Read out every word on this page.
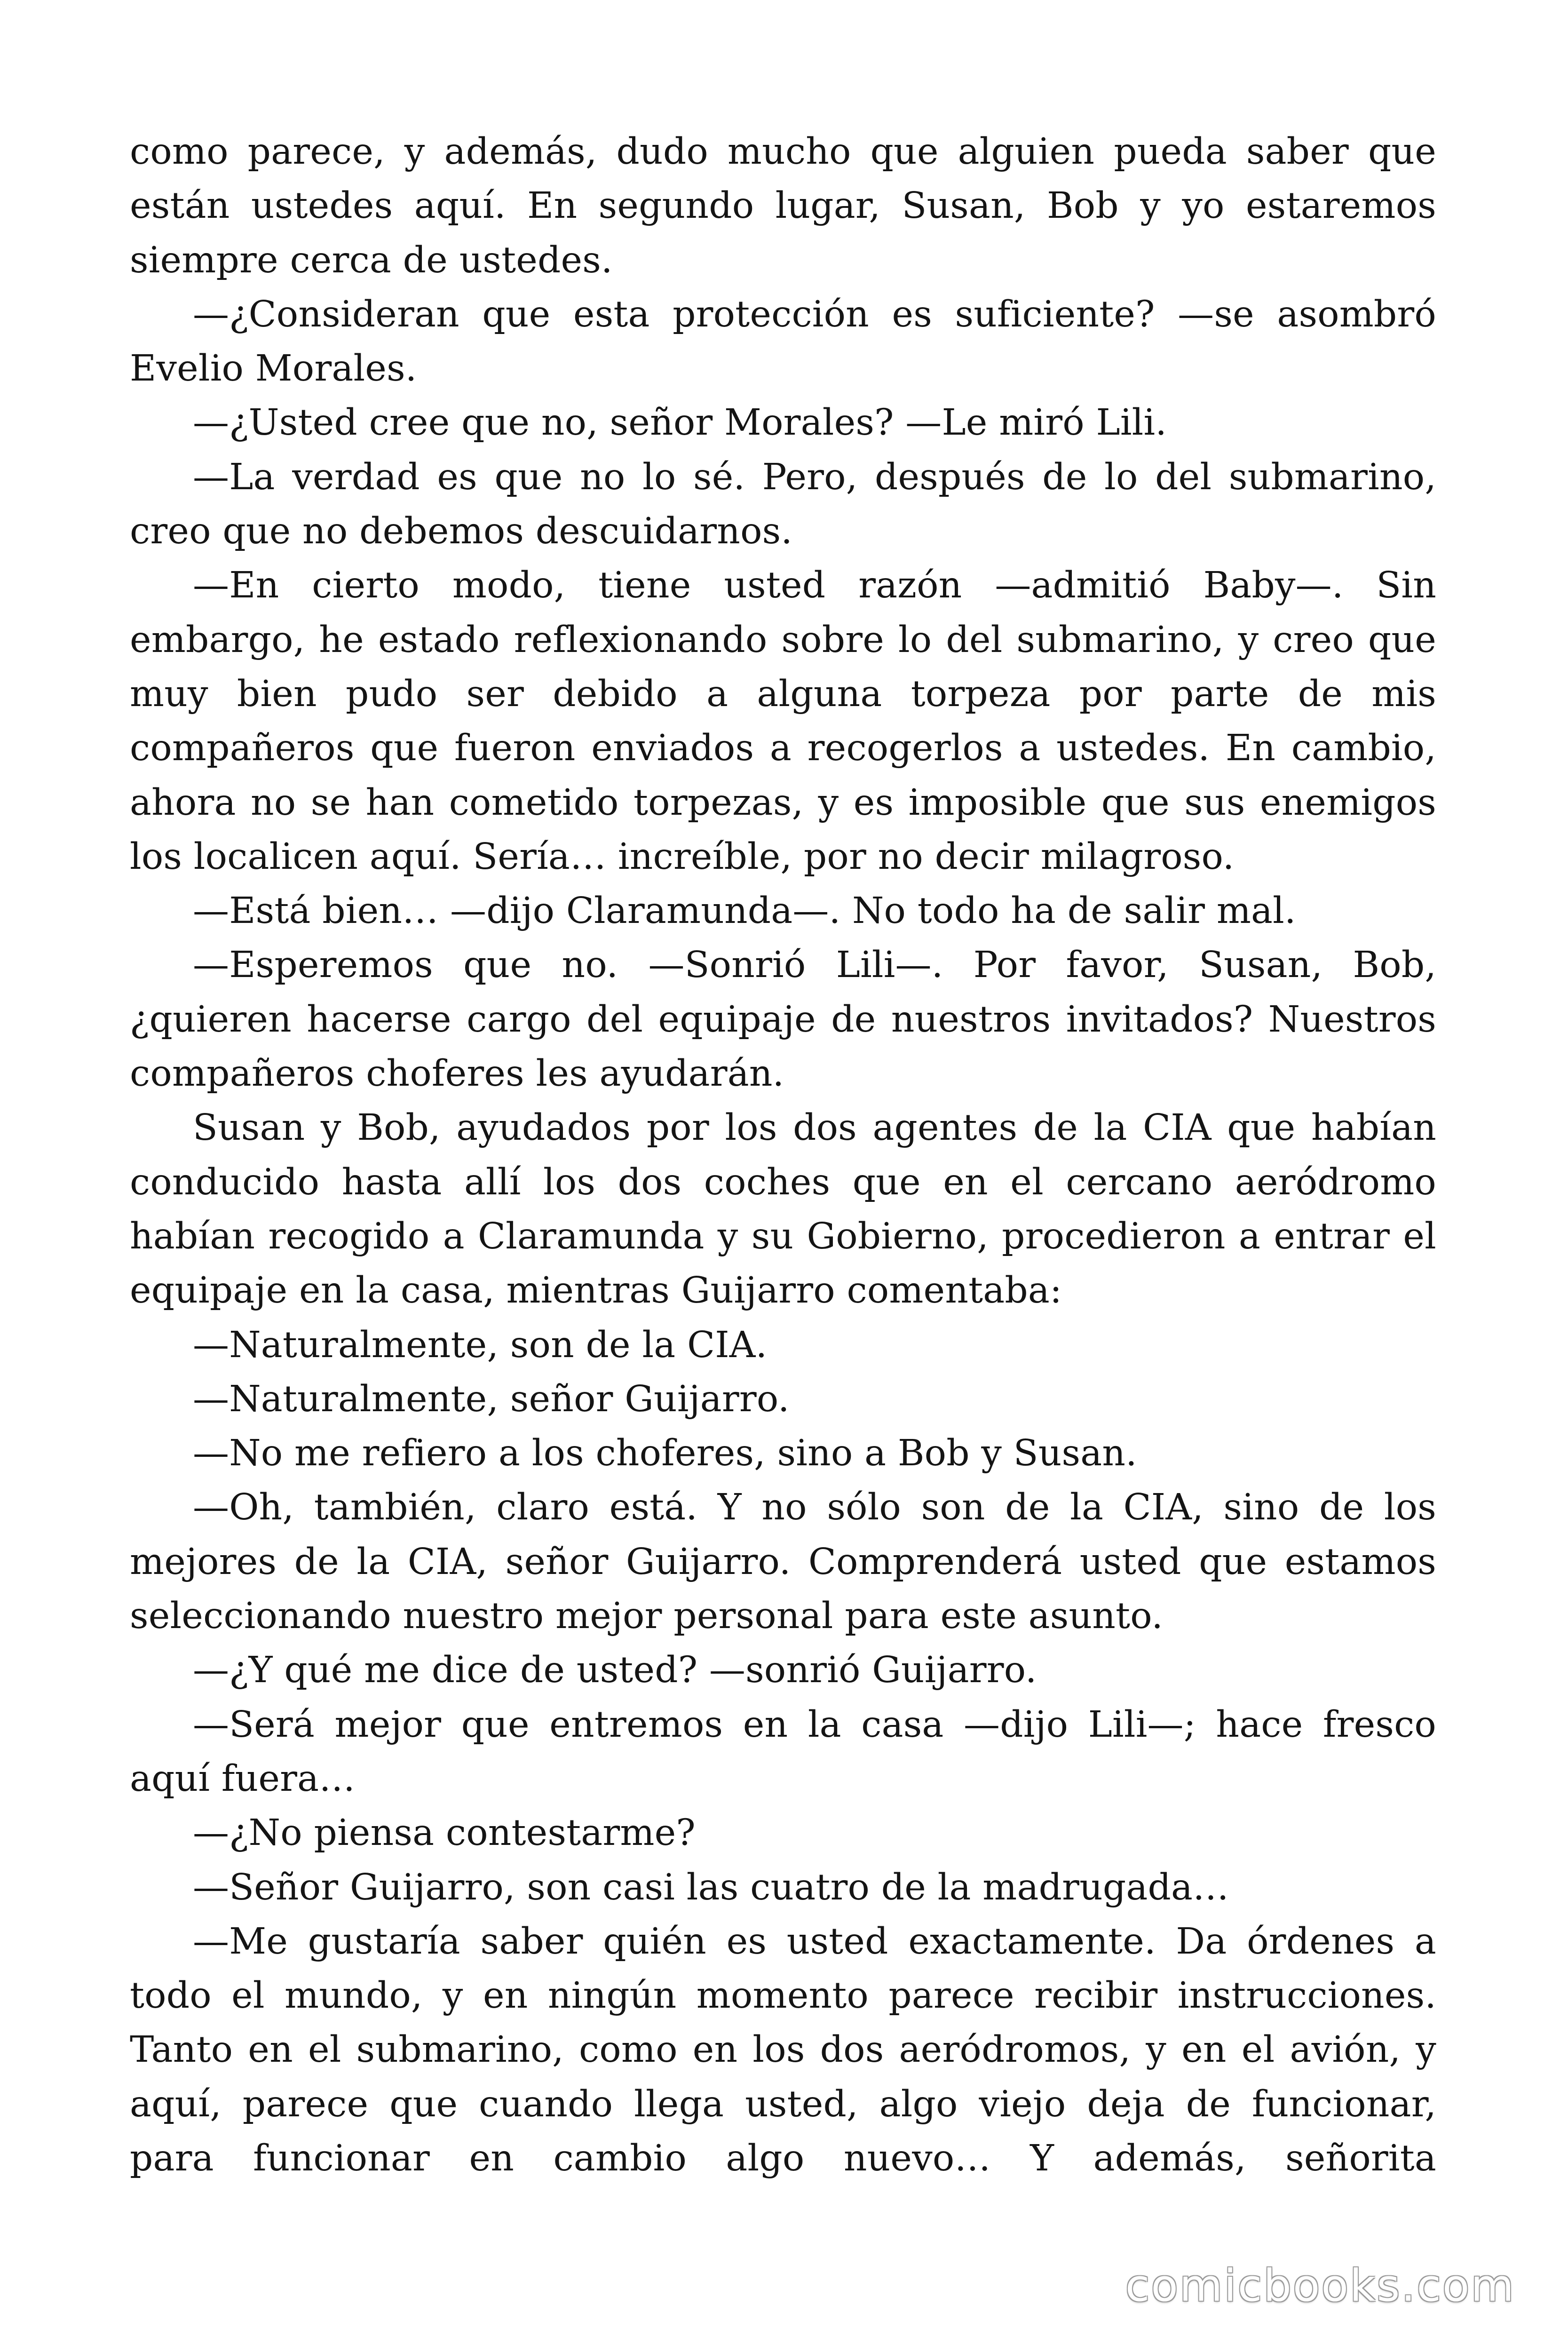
como parece, y además, dudo mucho que alguien pueda saber que están ustedes aquí. En segundo lugar, Susan, Bob y yo estaremos siempre cerca de ustedes.

—¿Consideran que esta protección es suficiente? —se asombró Evelio Morales.

—¿Usted cree que no, señor Morales? —Le miró Lili.

—La verdad es que no lo sé. Pero, después de lo del submarino, creo que no debemos descuidarnos.

—En cierto modo, tiene usted razón —admitió Baby—. Sin embargo, he estado reflexionando sobre lo del submarino, y creo que muy bien pudo ser debido a alguna torpeza por parte de mis compañeros que fueron enviados a recogerlos a ustedes. En cambio, ahora no se han cometido torpezas, y es imposible que sus enemigos los localicen aquí. Sería… increíble, por no decir milagroso.

—Está bien… —dijo Claramunda—. No todo ha de salir mal.

—Esperemos que no. —Sonrió Lili—. Por favor, Susan, Bob, ¿quieren hacerse cargo del equipaje de nuestros invitados? Nuestros compañeros choferes les ayudarán.

Susan y Bob, ayudados por los dos agentes de la CIA que habían conducido hasta allí los dos coches que en el cercano aeródromo habían recogido a Claramunda y su Gobierno, procedieron a entrar el equipaje en la casa, mientras Guijarro comentaba:

—Naturalmente, son de la CIA.

—Naturalmente, señor Guijarro.

—No me refiero a los choferes, sino a Bob y Susan.

—Oh, también, claro está. Y no sólo son de la CIA, sino de los mejores de la CIA, señor Guijarro. Comprenderá usted que estamos seleccionando nuestro mejor personal para este asunto.

—¿Y qué me dice de usted? —sonrió Guijarro.

—Será mejor que entremos en la casa —dijo Lili—; hace fresco aquí fuera…

—¿No piensa contestarme?

—Señor Guijarro, son casi las cuatro de la madrugada…

—Me gustaría saber quién es usted exactamente. Da órdenes a todo el mundo, y en ningún momento parece recibir instrucciones. Tanto en el submarino, como en los dos aeródromos, y en el avión, y aquí, parece que cuando llega usted, algo viejo deja de funcionar, para funcionar en cambio algo nuevo… Y además, señorita

comicbooks.com
